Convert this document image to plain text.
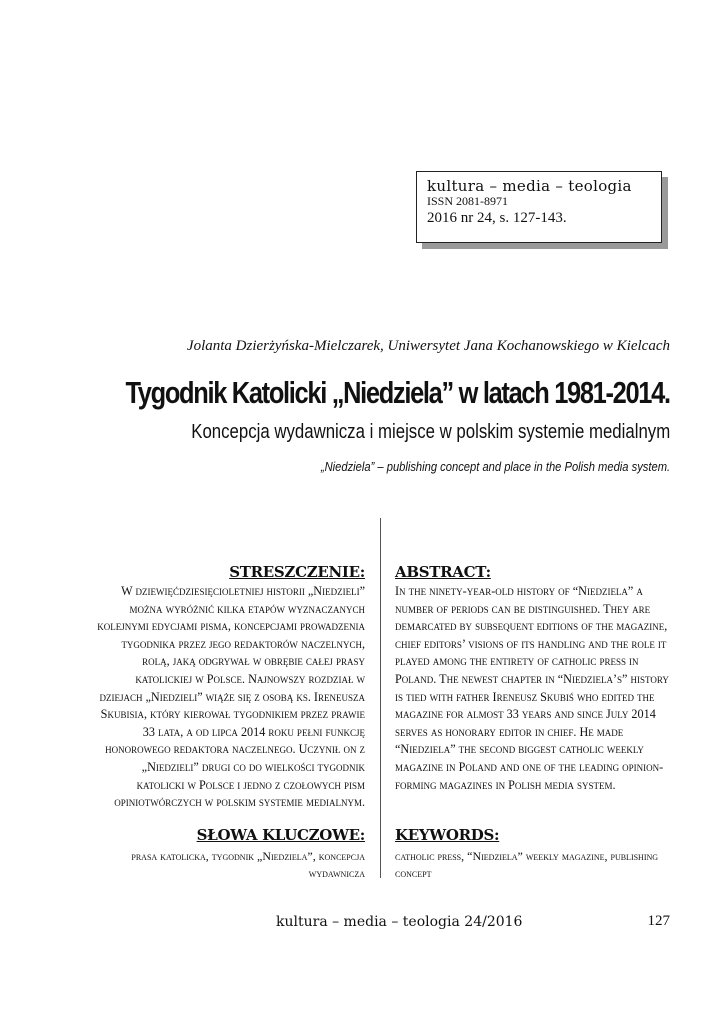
kultura – media – teologia
ISSN 2081-8971
2016 nr 24, s. 127-143.
Jolanta Dzierżyńska-Mielczarek, Uniwersytet Jana Kochanowskiego w Kielcach
Tygodnik Katolicki „Niedziela” w latach 1981-2014.
Koncepcja wydawnicza i miejsce w polskim systemie medialnym
„Niedziela” – publishing concept and place in the Polish media system.
STRESZCZENIE:
W dziewięćdziesięcioletniej historii „Niedzieli” można wyróżnić kilka etapów wyznaczanych kolejnymi edycjami pisma, koncepcjami prowadzenia tygodnika przez jego redaktorów naczelnych, rolą, jaką odgrywał w obrębie całej prasy katolickiej w Polsce. Najnowszy rozdział w dziejach „Niedzieli” wiąże się z osobą ks. Ireneusza Skubisia, który kierował tygodnikiem przez prawie 33 lata, a od lipca 2014 roku pełni funkcję honorowego redaktora naczelnego. Uczynił on z „Niedzieli” drugi co do wielkości tygodnik katolicki w Polsce i jedno z czołowych pism opiniotwórczych w polskim systemie medialnym.
ABSTRACT:
In the ninety-year-old history of “Niedziela” a number of periods can be distinguished. They are demarcated by subsequent editions of the magazine, chief editors’ visions of its handling and the role it played among the entirety of catholic press in Poland. The newest chapter in “Niedziela’s” history is tied with father Ireneusz Skubiś who edited the magazine for almost 33 years and since July 2014 serves as honorary editor in chief. He made “Niedziela” the second biggest catholic weekly magazine in Poland and one of the leading opinion-forming magazines in Polish media system.
SŁOWA KLUCZOWE:
prasa katolicka, tygodnik „Niedziela”, koncepcja wydawnicza
KEYWORDS:
catholic press, “Niedziela” weekly magazine, publishing concept
kultura – media – teologia 24/2016	127
